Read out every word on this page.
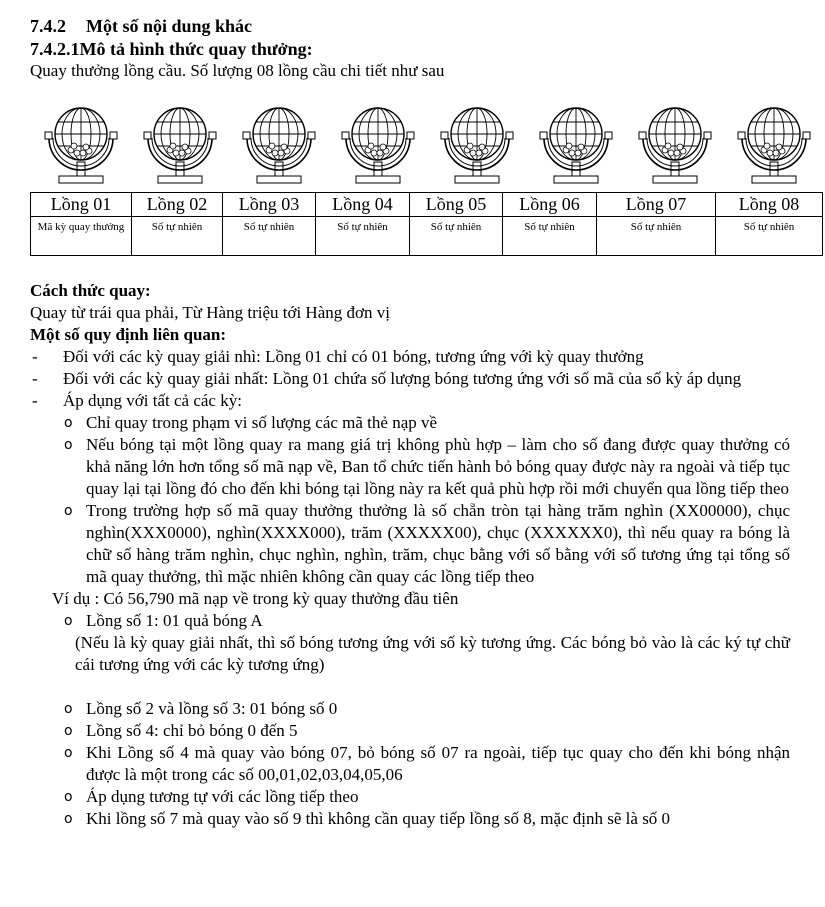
7.4.2 Một số nội dung khác
7.4.2.1Mô tả hình thức quay thưởng:
Quay thưởng lồng cầu. Số lượng 08 lồng cầu chi tiết như sau
Lồng 01	Lồng 02	Lồng 03	Lồng 04	Lồng 05	Lồng 06	Lồng 07	Lồng 08
Mã kỳ quay thưởng	Số tự nhiên	Số tự nhiên	Số tự nhiên	Số tự nhiên	Số tự nhiên	Số tự nhiên	Số tự nhiên
Cách thức quay:
Quay từ trái qua phải, Từ Hàng triệu tới Hàng đơn vị
Một số quy định liên quan:
- Đối với các kỳ quay giải nhì: Lồng 01 chỉ có 01 bóng, tương ứng với kỳ quay thưởng
- Đối với các kỳ quay giải nhất: Lồng 01 chứa số lượng bóng tương ứng với số mã của số kỳ áp dụng
- Áp dụng với tất cả các kỳ:
o Chỉ quay trong phạm vi số lượng các mã thẻ nạp về
o Nếu bóng tại một lồng quay ra mang giá trị không phù hợp – làm cho số đang được quay thưởng có khả năng lớn hơn tổng số mã nạp về, Ban tổ chức tiến hành bỏ bóng quay được này ra ngoài và tiếp tục quay lại tại lồng đó cho đến khi bóng tại lồng này ra kết quả phù hợp rồi mới chuyển qua lồng tiếp theo
o Trong trường hợp số mã quay thưởng thưởng là số chẵn tròn tại hàng trăm nghìn (XX00000), chục nghìn(XXX0000), nghìn(XXXX000), trăm (XXXXX00), chục (XXXXXX0), thì nếu quay ra bóng là chữ số hàng trăm nghìn, chục nghìn, nghìn, trăm, chục bằng với số bằng với số tương ứng tại tổng số mã quay thưởng, thì mặc nhiên không cần quay các lồng tiếp theo
Ví dụ : Có 56,790 mã nạp về trong kỳ quay thưởng đầu tiên
o Lồng số 1: 01 quả bóng A
(Nếu là kỳ quay giải nhất, thì số bóng tương ứng với số kỳ tương ứng. Các bóng bỏ vào là các ký tự chữ cái tương ứng với các kỳ tương ứng)
o Lồng số 2 và lồng số 3: 01 bóng số 0
o Lồng số 4: chỉ bỏ bóng 0 đến 5
o Khi Lồng số 4 mà quay vào bóng 07, bỏ bóng số 07 ra ngoài, tiếp tục quay cho đến khi bóng nhận được là một trong các số 00,01,02,03,04,05,06
o Áp dụng tương tự với các lồng tiếp theo
o Khi lồng số 7 mà quay vào số 9 thì không cần quay tiếp lồng số 8, mặc định sẽ là số 0
